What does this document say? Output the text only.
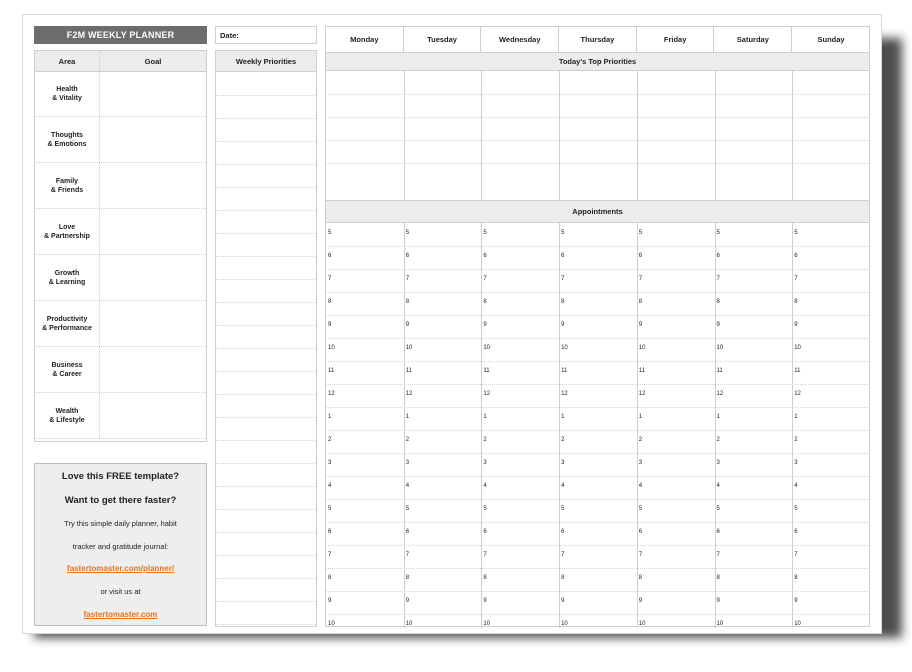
F2M WEEKLY PLANNER
Area	Goal
Health
& Vitality
Thoughts
& Emotions
Family
& Friends
Love
& Partnership
Growth
& Learning
Productivity
& Performance
Business
& Career
Wealth
& Lifestyle
Love this FREE template?
Want to get there faster?
Try this simple daily planner, habit
tracker and gratitude journal:
fastertomaster.com/planner/
or visit us at
fastertomaster.com
Date:
Weekly Priorities	Today's Top Priorities
Appointments
Monday	Tuesday	Wednesday	Thursday	Friday	Saturday	Sunday
5	5	5	5	5	5	5
6	6	6	6	6	6	6
7	7	7	7	7	7	7
8	8	8	8	8	8	8
9	9	9	9	9	9	9
10	10	10	10	10	10	10
11	11	11	11	11	11	11
12	12	12	12	12	12	12
1	1	1	1	1	1	1
2	2	2	2	2	2	2
3	3	3	3	3	3	3
4	4	4	4	4	4	4
5	5	5	5	5	5	5
6	6	6	6	6	6	6
7	7	7	7	7	7	7
8	8	8	8	8	8	8
9	9	9	9	9	9	9
10	10	10	10	10	10	10
